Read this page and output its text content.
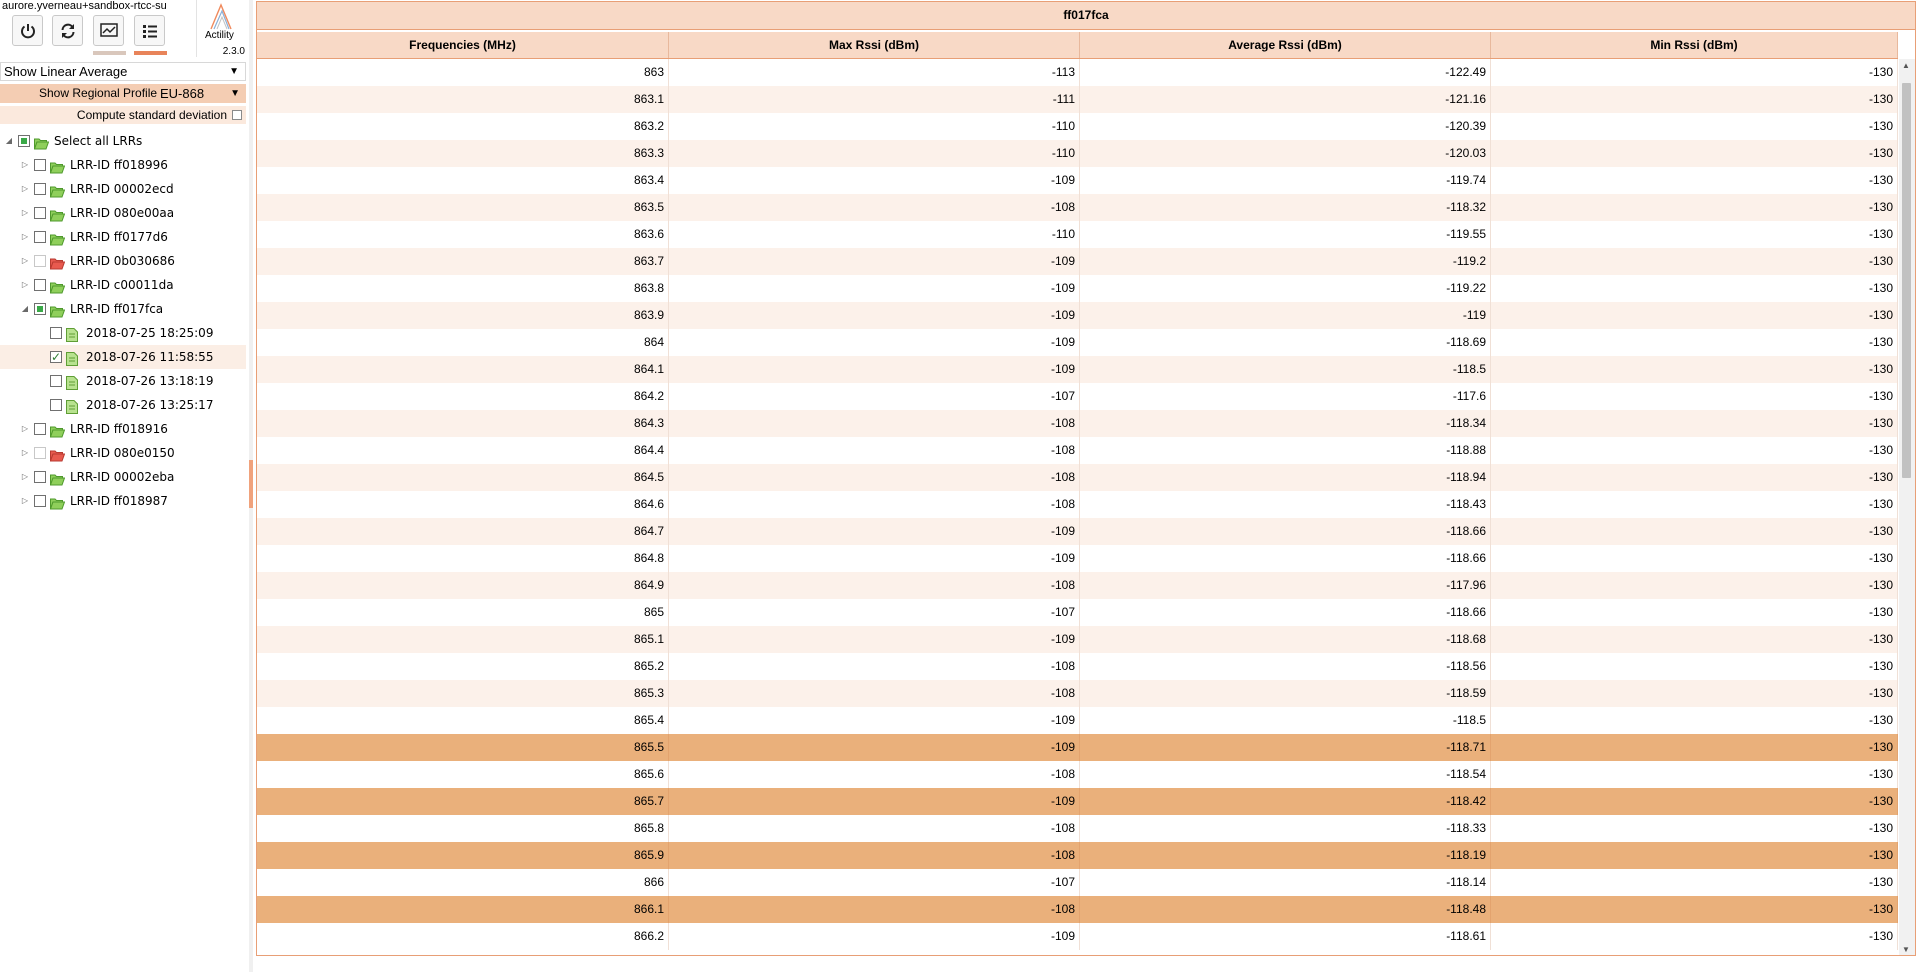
aurore.yverneau+sandbox-rtcc-su
Actility
2.3.0
Show Linear Average	▼
Show Regional Profile EU-868	▼
Compute standard deviation
◢	Select all LRRs
▷	LRR-ID ff018996
▷	LRR-ID 00002ecd
▷	LRR-ID 080e00aa
▷	LRR-ID ff0177d6
▷	LRR-ID 0b030686
▷	LRR-ID c00011da
◢	LRR-ID ff017fca
2018-07-25 18:25:09
✓
2018-07-26 11:58:55
2018-07-26 13:18:19
2018-07-26 13:25:17
▷	LRR-ID ff018916
▷	LRR-ID 080e0150
▷	LRR-ID 00002eba
▷	LRR-ID ff018987
ff017fca
Frequencies (MHz)	Max Rssi (dBm)	Average Rssi (dBm)	Min Rssi (dBm)
863	-113	-122.49	-130
863.1	-111	-121.16	-130
863.2	-110	-120.39	-130
863.3	-110	-120.03	-130
863.4	-109	-119.74	-130
863.5	-108	-118.32	-130
863.6	-110	-119.55	-130
863.7	-109	-119.2	-130
863.8	-109	-119.22	-130
863.9	-109	-119	-130
864	-109	-118.69	-130
864.1	-109	-118.5	-130
864.2	-107	-117.6	-130
864.3	-108	-118.34	-130
864.4	-108	-118.88	-130
864.5	-108	-118.94	-130
864.6	-108	-118.43	-130
864.7	-109	-118.66	-130
864.8	-109	-118.66	-130
864.9	-108	-117.96	-130
865	-107	-118.66	-130
865.1	-109	-118.68	-130
865.2	-108	-118.56	-130
865.3	-108	-118.59	-130
865.4	-109	-118.5	-130
865.5	-109	-118.71	-130
865.6	-108	-118.54	-130
865.7	-109	-118.42	-130
865.8	-108	-118.33	-130
865.9	-108	-118.19	-130
866	-107	-118.14	-130
866.1	-108	-118.48	-130
866.2	-109	-118.61	-130
▲
▼
